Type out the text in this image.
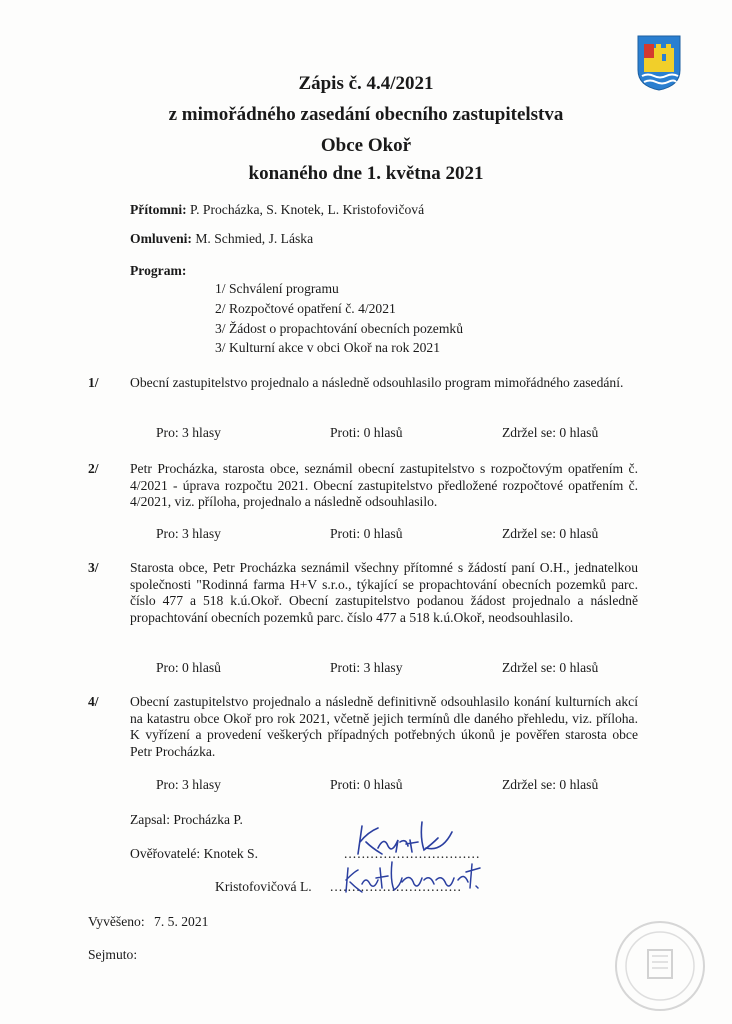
Zápis č. 4.4/2021
z mimořádného zasedání obecního zastupitelstva
Obce Okoř
konaného dne 1. května 2021
Přítomni: P. Procházka, S. Knotek, L. Kristofovičová
Omluveni: M. Schmied, J. Láska
Program:
1/ Schválení programu
2/ Rozpočtové opatření č. 4/2021
3/ Žádost o propachtování obecních pozemků
3/ Kulturní akce v obci Okoř na rok 2021
1/ Obecní zastupitelstvo projednalo a následně odsouhlasilo program mimořádného zasedání.
Pro: 3 hlasy	Proti: 0 hlasů	Zdržel se: 0 hlasů
2/ Petr Procházka, starosta obce, seznámil obecní zastupitelstvo s rozpočtovým opatřením č. 4/2021 - úprava rozpočtu 2021. Obecní zastupitelstvo předložené rozpočtové opatřením č. 4/2021, viz. příloha, projednalo a následně odsouhlasilo.
Pro: 3 hlasy	Proti: 0 hlasů	Zdržel se: 0 hlasů
3/ Starosta obce, Petr Procházka seznámil všechny přítomné s žádostí paní O.H., jednatelkou společnosti "Rodinná farma H+V s.r.o., týkající se propachtování obecních pozemků parc. číslo 477 a 518 k.ú.Okoř. Obecní zastupitelstvo podanou žádost projednalo a následně propachtování obecních pozemků parc. číslo 477 a 518 k.ú.Okoř, neodsouhlasilo.
Pro: 0 hlasů	Proti: 3 hlasy	Zdržel se: 0 hlasů
4/ Obecní zastupitelstvo projednalo a následně definitivně odsouhlasilo konání kulturních akcí na katastru obce Okoř pro rok 2021, včetně jejich termínů dle daného přehledu, viz. příloha. K vyřízení a provedení veškerých případných potřebných úkonů je pověřen starosta obce Petr Procházka.
Pro: 3 hlasy	Proti: 0 hlasů	Zdržel se: 0 hlasů
Zapsal: Procházka P.
Ověřovatelé: Knotek S.	...............................
Kristofovičová L. ..............................
Vyvěšeno: 7. 5. 2021
Sejmuto:
